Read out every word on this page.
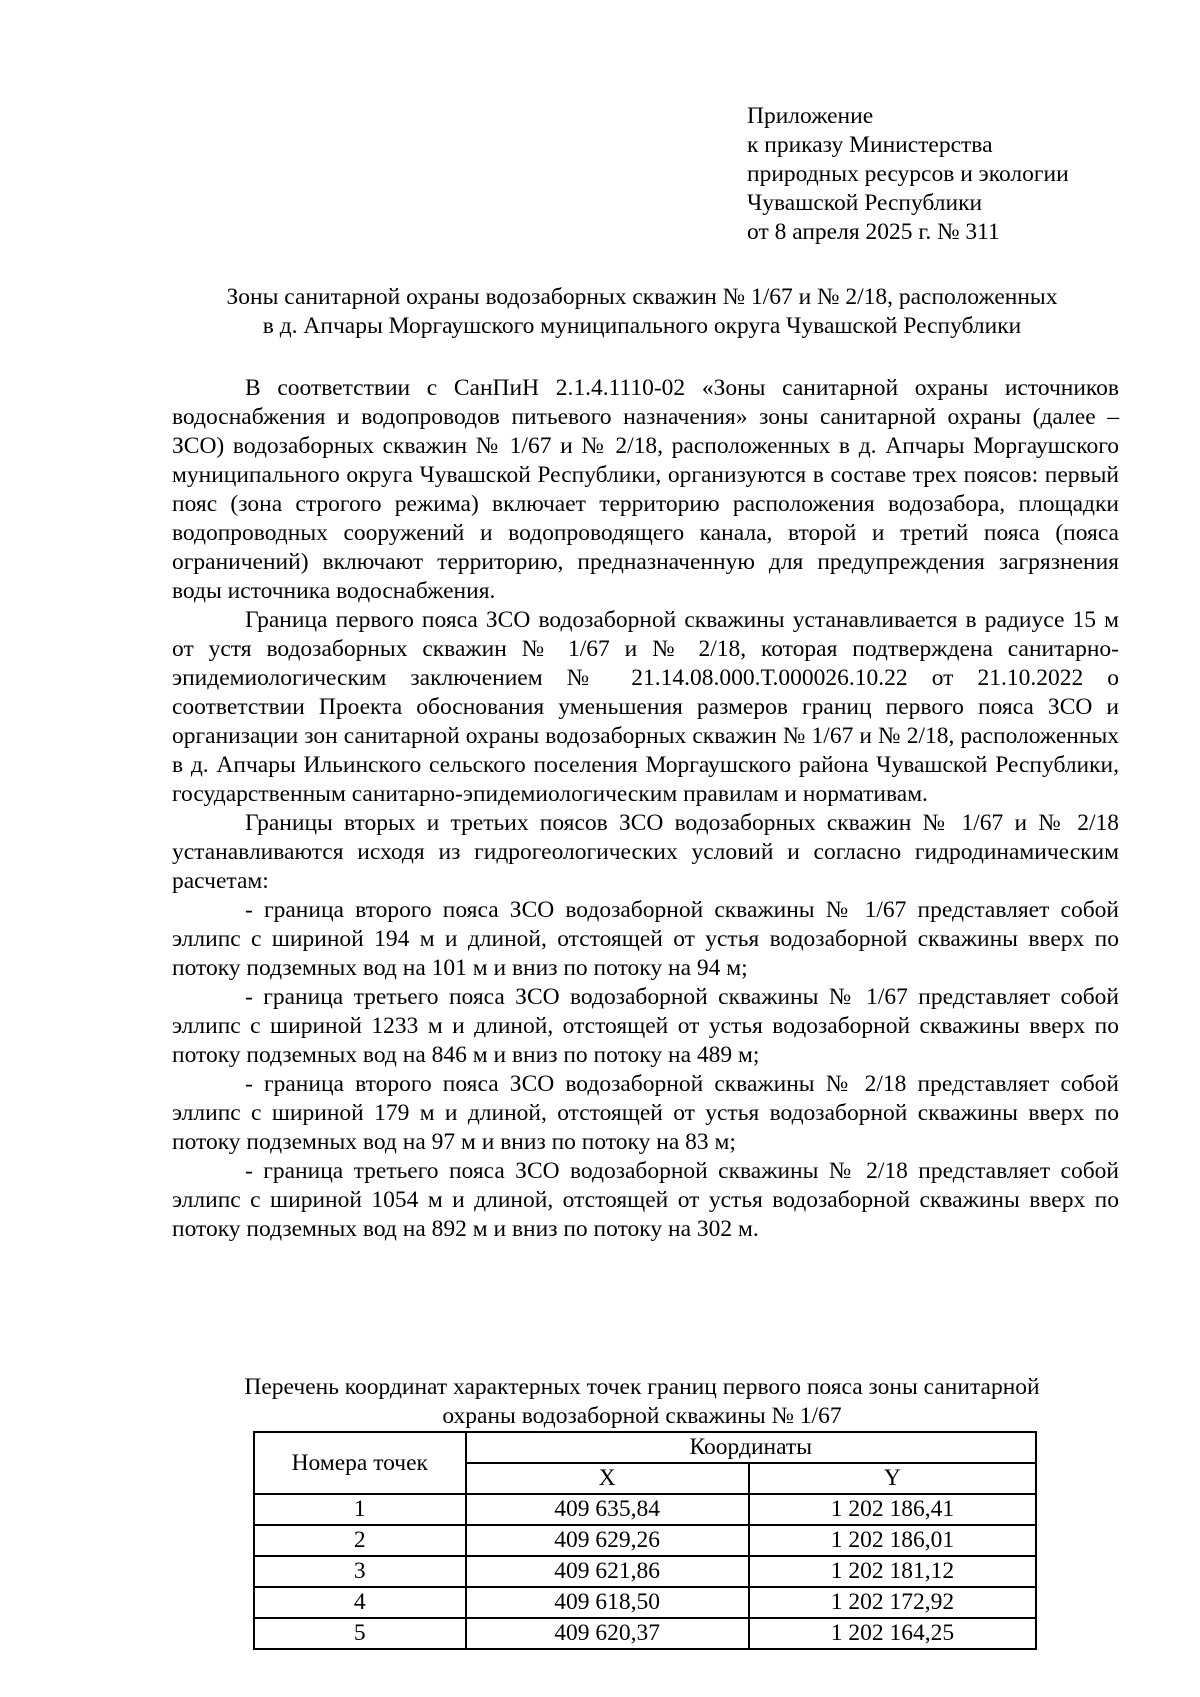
Приложение
к приказу Министерства
природных ресурсов и экологии
Чувашской Республики
от 8 апреля 2025 г. № 311
Зоны санитарной охраны водозаборных скважин № 1/67 и № 2/18, расположенных
в д. Апчары Моргаушского муниципального округа Чувашской Республики

В соответствии с СанПиН 2.1.4.1110-02 «Зоны санитарной охраны источников водоснабжения и водопроводов питьевого назначения» зоны санитарной охраны (далее – ЗСО) водозаборных скважин № 1/67 и № 2/18, расположенных в д. Апчары Моргаушского муниципального округа Чувашской Республики, организуются в составе трех поясов: первый пояс (зона строгого режима) включает территорию расположения водозабора, площадки водопроводных сооружений и водопроводящего канала, второй и третий пояса (пояса ограничений) включают территорию, предназначенную для предупреждения загрязнения воды источника водоснабжения.

Граница первого пояса ЗСО водозаборной скважины устанавливается в радиусе 15 м от устя водозаборных скважин № 1/67 и № 2/18, которая подтверждена санитарно-эпидемиологическим заключением № 21.14.08.000.Т.000026.10.22 от 21.10.2022 о соответствии Проекта обоснования уменьшения размеров границ первого пояса ЗСО и организации зон санитарной охраны водозаборных скважин № 1/67 и № 2/18, расположенных в д. Апчары Ильинского сельского поселения Моргаушского района Чувашской Республики, государственным санитарно-эпидемиологическим правилам и нормативам.

Границы вторых и третьих поясов ЗСО водозаборных скважин № 1/67 и № 2/18 устанавливаются исходя из гидрогеологических условий и согласно гидродинамическим расчетам:

- граница второго пояса ЗСО водозаборной скважины № 1/67 представляет собой эллипс с шириной 194 м и длиной, отстоящей от устья водозаборной скважины вверх по потоку подземных вод на 101 м и вниз по потоку на 94 м;

- граница третьего пояса ЗСО водозаборной скважины № 1/67 представляет собой эллипс с шириной 1233 м и длиной, отстоящей от устья водозаборной скважины вверх по потоку подземных вод на 846 м и вниз по потоку на 489 м;

- граница второго пояса ЗСО водозаборной скважины № 2/18 представляет собой эллипс с шириной 179 м и длиной, отстоящей от устья водозаборной скважины вверх по потоку подземных вод на 97 м и вниз по потоку на 83 м;

- граница третьего пояса ЗСО водозаборной скважины № 2/18 представляет собой эллипс с шириной 1054 м и длиной, отстоящей от устья водозаборной скважины вверх по потоку подземных вод на 892 м и вниз по потоку на 302 м.

Перечень координат характерных точек границ первого пояса зоны санитарной
охраны водозаборной скважины № 1/67
Номера точек	Координаты	
	X	Y
1	409 635,84	1 202 186,41
2	409 629,26	1 202 186,01
3	409 621,86	1 202 181,12
4	409 618,50	1 202 172,92
5	409 620,37	1 202 164,25
